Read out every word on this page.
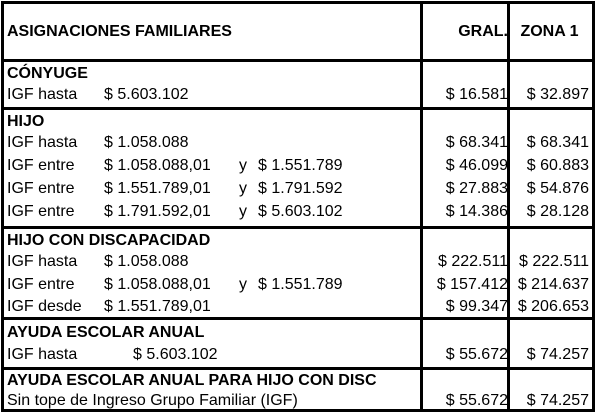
ASIGNACIONES FAMILIARES	GRAL. ZONA 1
CÓNYUGE
IGF hasta $ 5.603.102	$ 16.581	$ 32.897
HIJO
IGF hasta $ 1.058.088	$ 68.341	$ 68.341
IGF entre $ 1.058.088,01 y $ 1.551.789	$ 46.099	$ 60.883
IGF entre $ 1.551.789,01 y $ 1.791.592	$ 27.883	$ 54.876
IGF entre $ 1.791.592,01 y $ 5.603.102	$ 14.386	$ 28.128
HIJO CON DISCAPACIDAD
IGF hasta $ 1.058.088	$ 222.511 $ 222.511
IGF entre $ 1.058.088,01 y $ 1.551.789	$ 157.412 $ 214.637
IGF desde $ 1.551.789,01	$ 99.347 $ 206.653
AYUDA ESCOLAR ANUAL
IGF hasta	$ 5.603.102	$ 55.672	$ 74.257
AYUDA ESCOLAR ANUAL PARA HIJO CON DISC
Sin tope de Ingreso Grupo Familiar (IGF)	$ 55.672	$ 74.257
